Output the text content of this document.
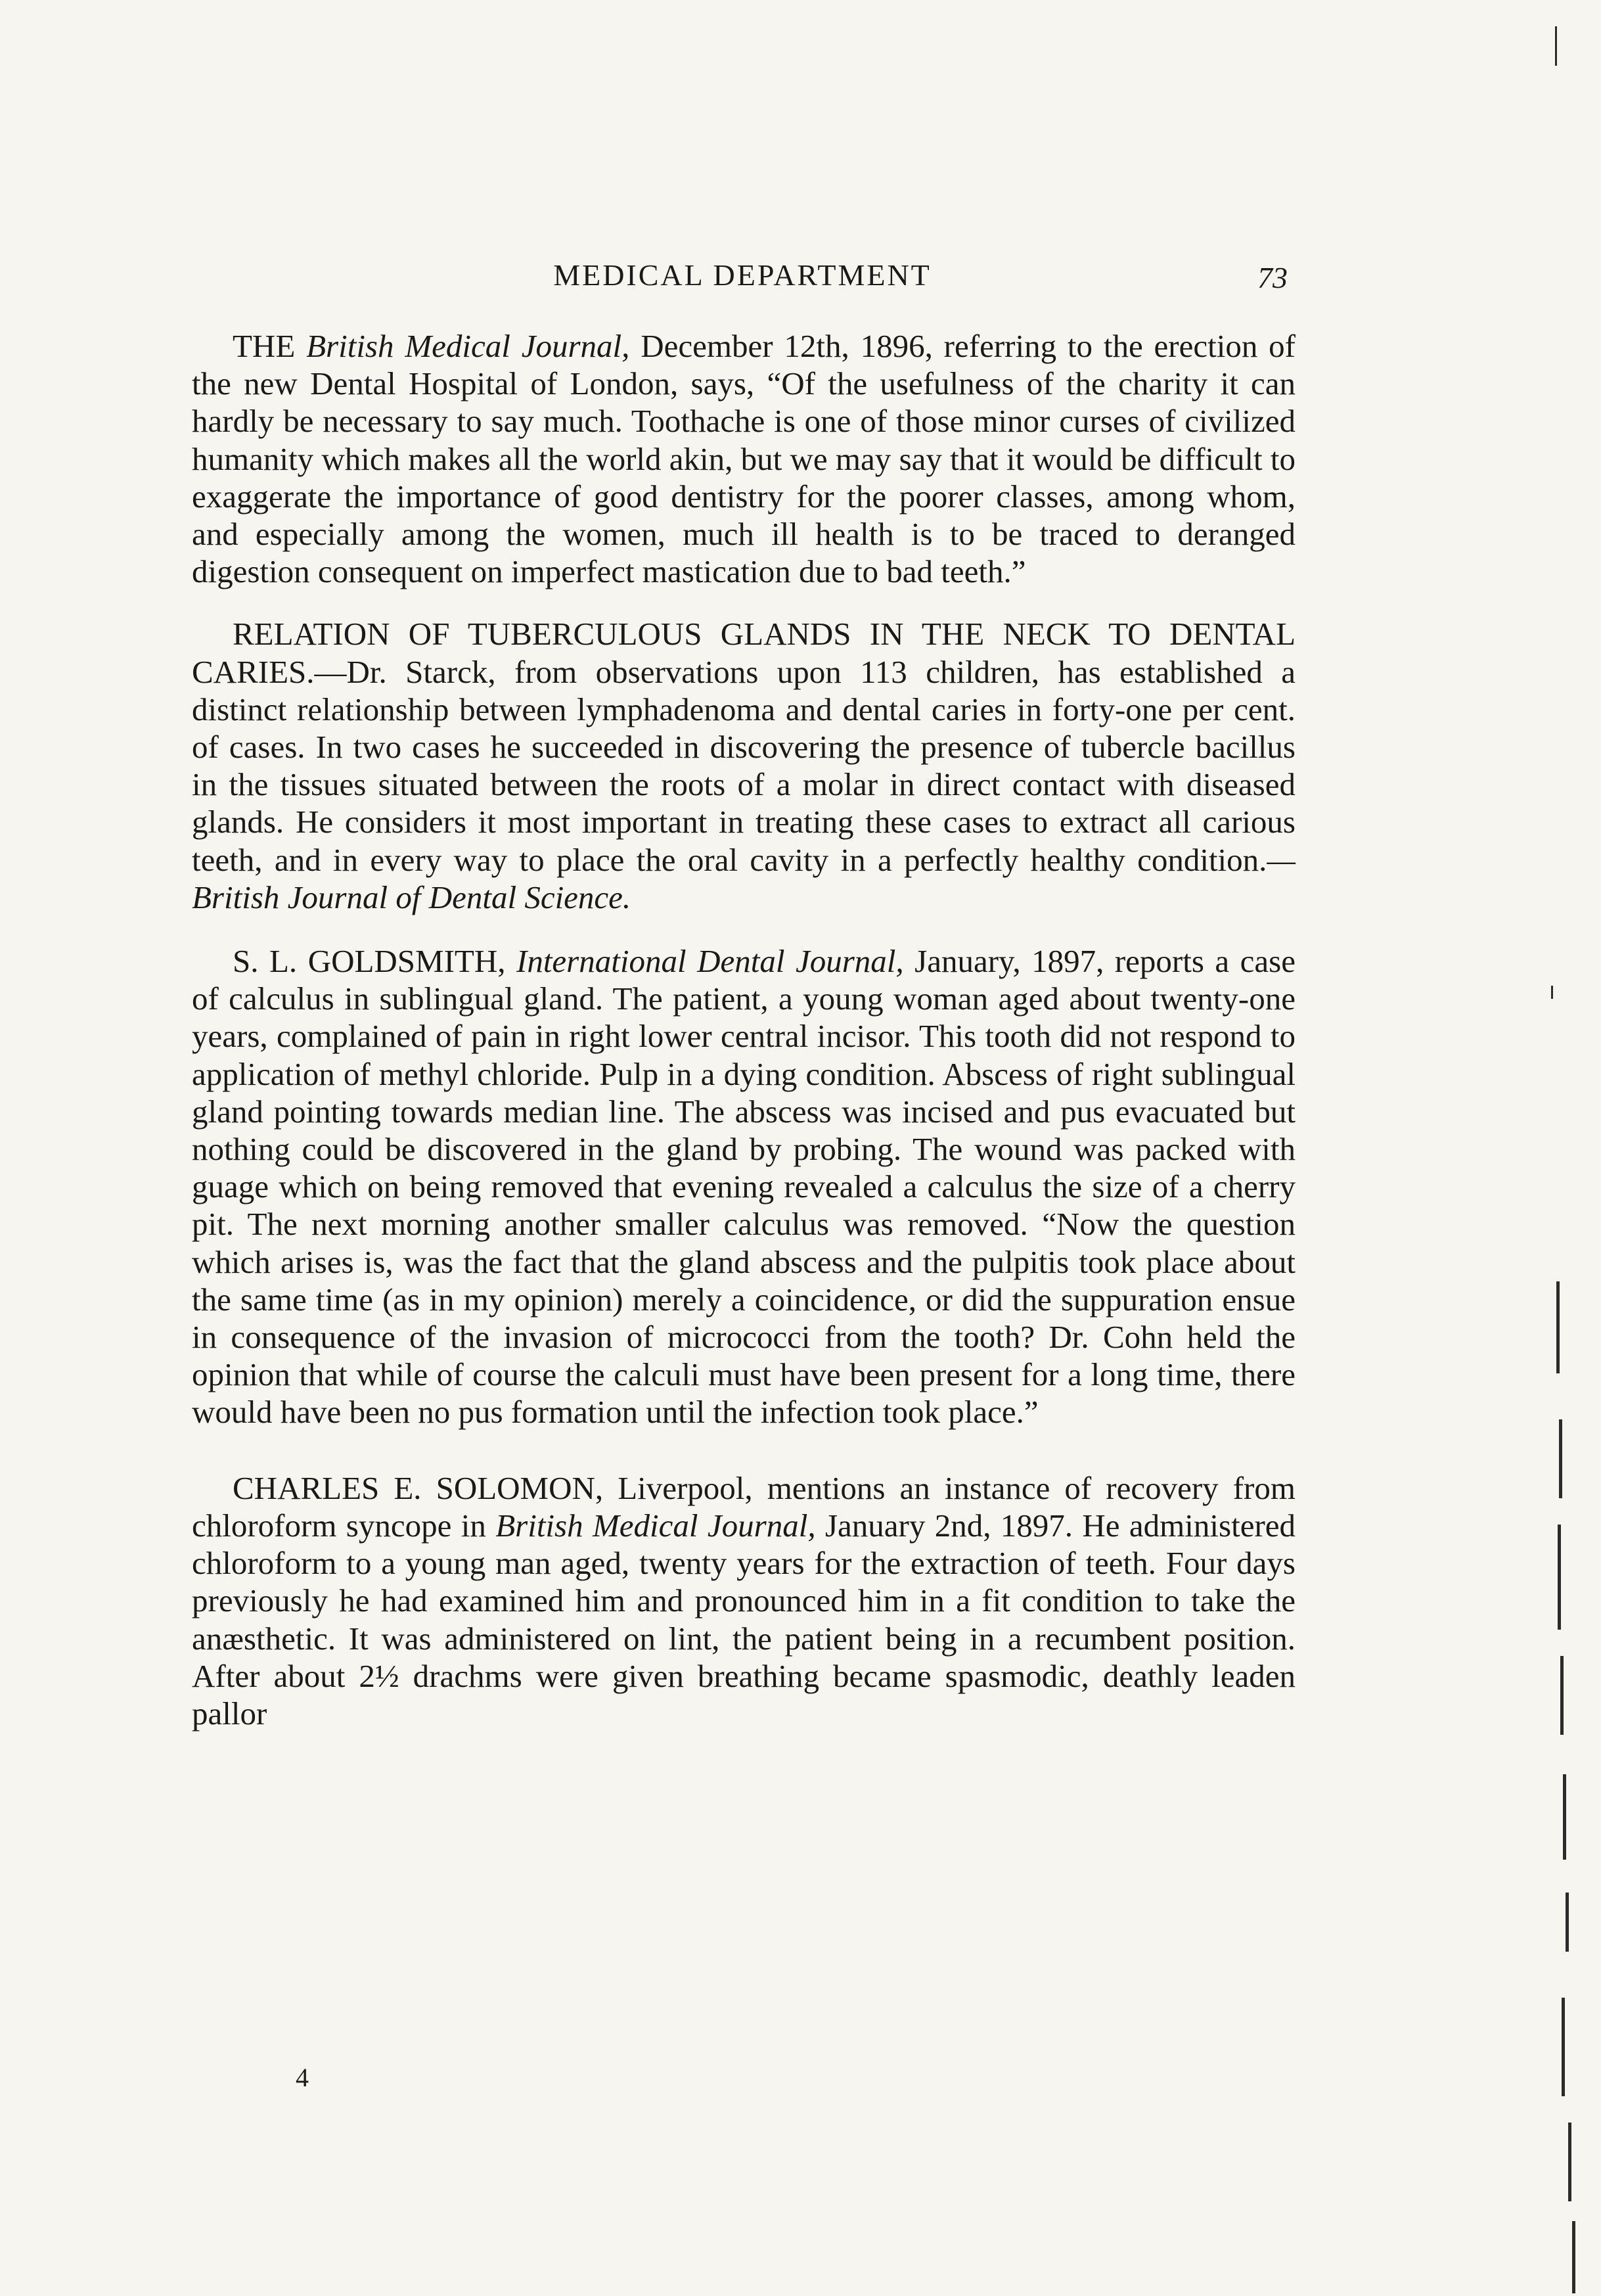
MEDICAL DEPARTMENT	73

THE British Medical Journal, December 12th, 1896, referring to the erection of the new Dental Hospital of London, says, “Of the usefulness of the charity it can hardly be necessary to say much. Toothache is one of those minor curses of civilized humanity which makes all the world akin, but we may say that it would be difficult to exaggerate the importance of good dentistry for the poorer classes, among whom, and especially among the women, much ill health is to be traced to deranged digestion consequent on imperfect mastication due to bad teeth.”

RELATION OF TUBERCULOUS GLANDS IN THE NECK TO DENTAL CARIES.—Dr. Starck, from observations upon 113 children, has established a distinct relationship between lymphadenoma and dental caries in forty-one per cent. of cases. In two cases he succeeded in discovering the presence of tubercle bacillus in the tissues situated between the roots of a molar in direct contact with diseased glands. He considers it most important in treating these cases to extract all carious teeth, and in every way to place the oral cavity in a perfectly healthy condition.—British Journal of Dental Science.

S. L. GOLDSMITH, International Dental Journal, January, 1897, reports a case of calculus in sublingual gland. The patient, a young woman aged about twenty-one years, complained of pain in right lower central incisor. This tooth did not respond to application of methyl chloride. Pulp in a dying condition. Abscess of right sublingual gland pointing towards median line. The abscess was incised and pus evacuated but nothing could be discovered in the gland by probing. The wound was packed with guage which on being removed that evening revealed a calculus the size of a cherry pit. The next morning another smaller calculus was removed. “Now the question which arises is, was the fact that the gland abscess and the pulpitis took place about the same time (as in my opinion) merely a coincidence, or did the suppuration ensue in consequence of the invasion of micrococci from the tooth? Dr. Cohn held the opinion that while of course the calculi must have been present for a long time, there would have been no pus formation until the infection took place.”

CHARLES E. SOLOMON, Liverpool, mentions an instance of recovery from chloroform syncope in British Medical Journal, January 2nd, 1897. He administered chloroform to a young man aged, twenty years for the extraction of teeth. Four days previously he had examined him and pronounced him in a fit condition to take the anæsthetic. It was administered on lint, the patient being in a recumbent position. After about 2½ drachms were given breathing became spasmodic, deathly leaden pallor

4
